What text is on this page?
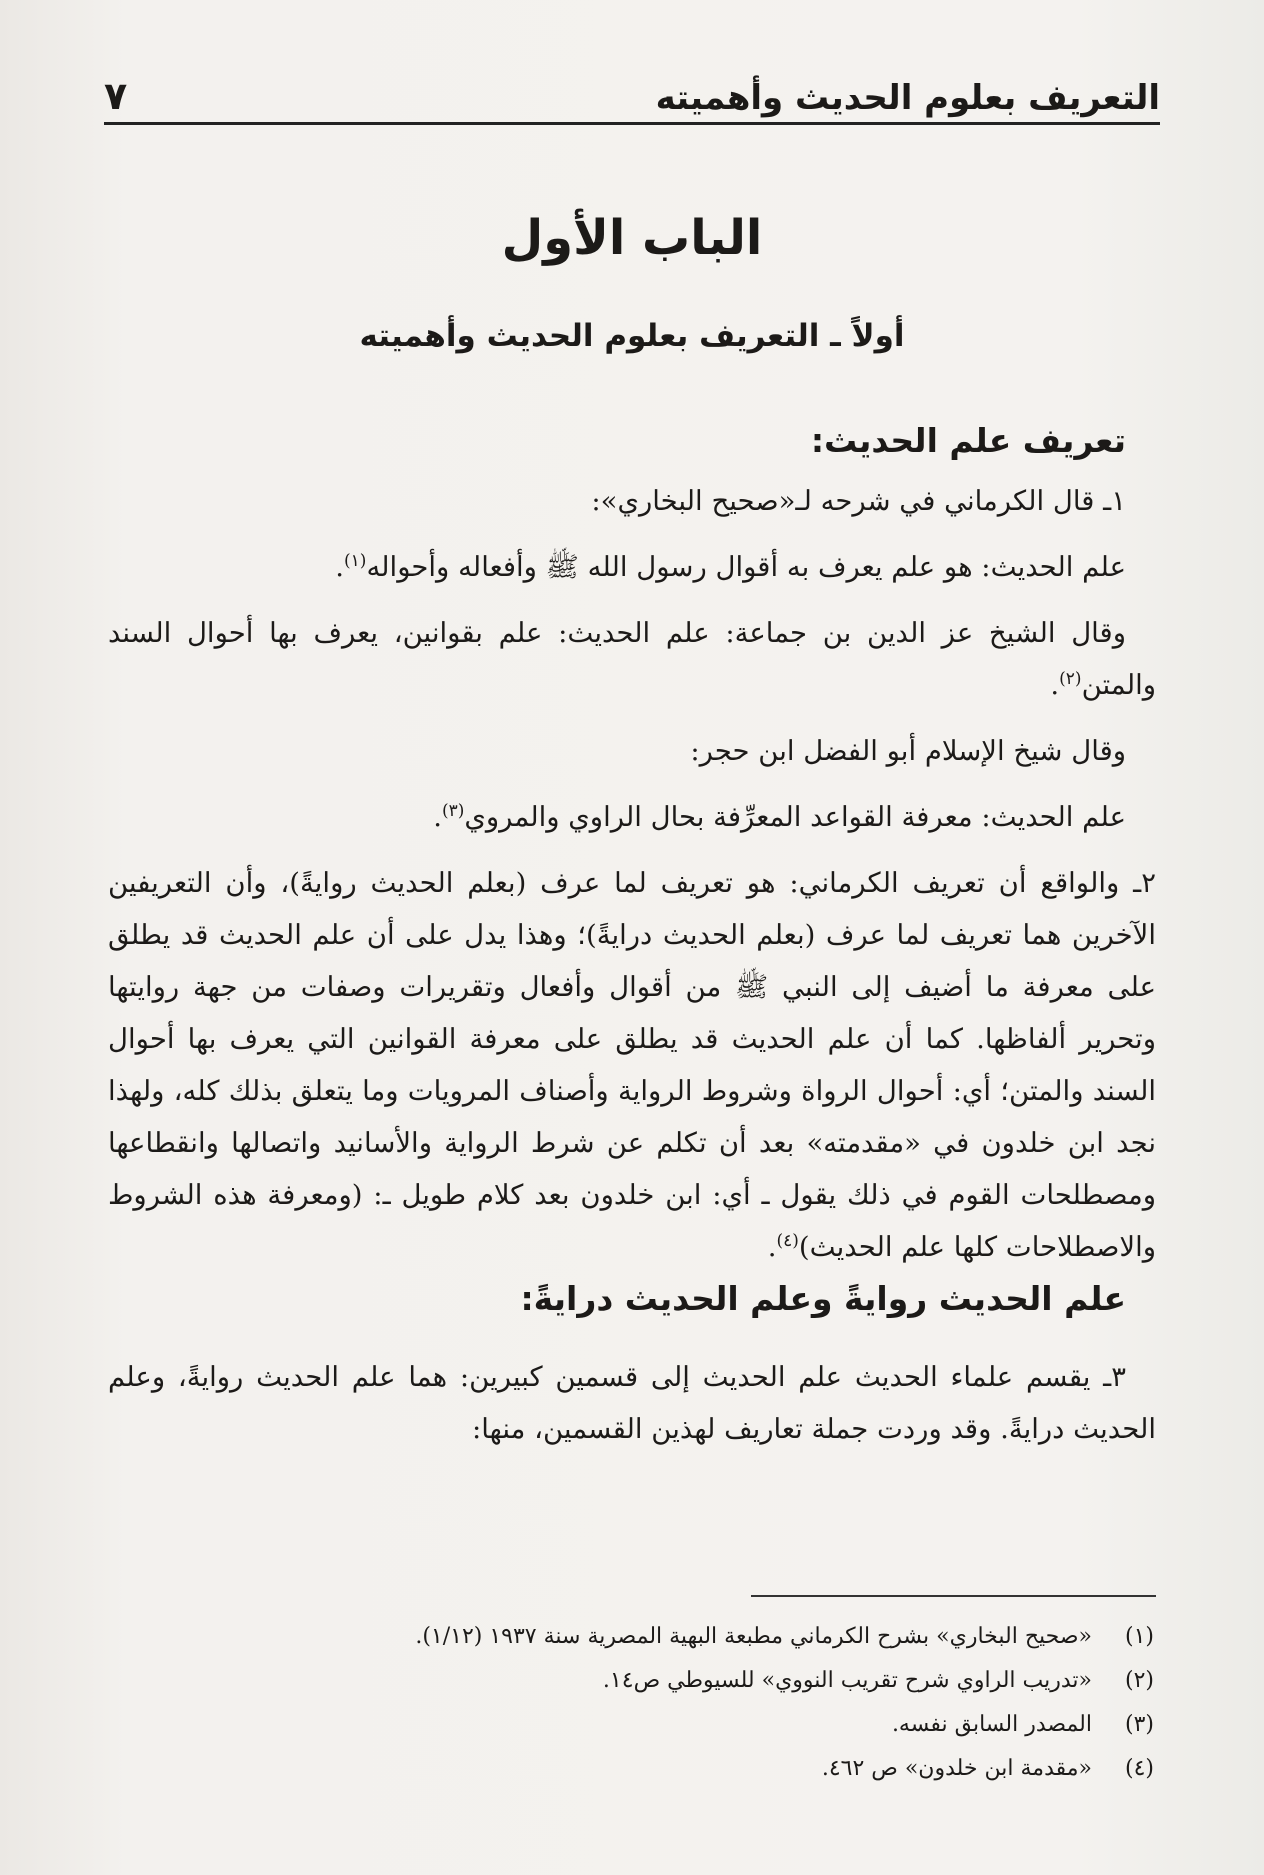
التعريف بعلوم الحديث وأهميته
٧
الباب الأول
أولاً ـ التعريف بعلوم الحديث وأهميته
تعريف علم الحديث:

١ـ قال الكرماني في شرحه لـ«صحيح البخاري»:

علم الحديث: هو علم يعرف به أقوال رسول الله ﷺ وأفعاله وأحواله$^{(١)}$.

وقال الشيخ عز الدين بن جماعة: علم الحديث: علم بقوانين، يعرف بها أحوال السند والمتن$^{(٢)}$.

وقال شيخ الإسلام أبو الفضل ابن حجر:

علم الحديث: معرفة القواعد المعرِّفة بحال الراوي والمروي$^{(٣)}$.

٢ـ والواقع أن تعريف الكرماني: هو تعريف لما عرف (بعلم الحديث روايةً)، وأن التعريفين الآخرين هما تعريف لما عرف (بعلم الحديث درايةً)؛ وهذا يدل على أن علم الحديث قد يطلق على معرفة ما أضيف إلى النبي ﷺ من أقوال وأفعال وتقريرات وصفات من جهة روايتها وتحرير ألفاظها. كما أن علم الحديث قد يطلق على معرفة القوانين التي يعرف بها أحوال السند والمتن؛ أي: أحوال الرواة وشروط الرواية وأصناف المرويات وما يتعلق بذلك كله، ولهذا نجد ابن خلدون في «مقدمته» بعد أن تكلم عن شرط الرواية والأسانيد واتصالها وانقطاعها ومصطلحات القوم في ذلك يقول ـ أي: ابن خلدون بعد كلام طويل ـ: (ومعرفة هذه الشروط والاصطلاحات كلها علم الحديث)$^{(٤)}$.

علم الحديث روايةً وعلم الحديث درايةً:

٣ـ يقسم علماء الحديث علم الحديث إلى قسمين كبيرين: هما علم الحديث روايةً، وعلم الحديث درايةً. وقد وردت جملة تعاريف لهذين القسمين، منها:

(١)
«صحيح البخاري» بشرح الكرماني مطبعة البهية المصرية سنة ١٩٣٧ (١/١٢).
(٢)
«تدريب الراوي شرح تقريب النووي» للسيوطي ص١٤.
(٣)
المصدر السابق نفسه.
(٤)
«مقدمة ابن خلدون» ص ٤٦٢.
